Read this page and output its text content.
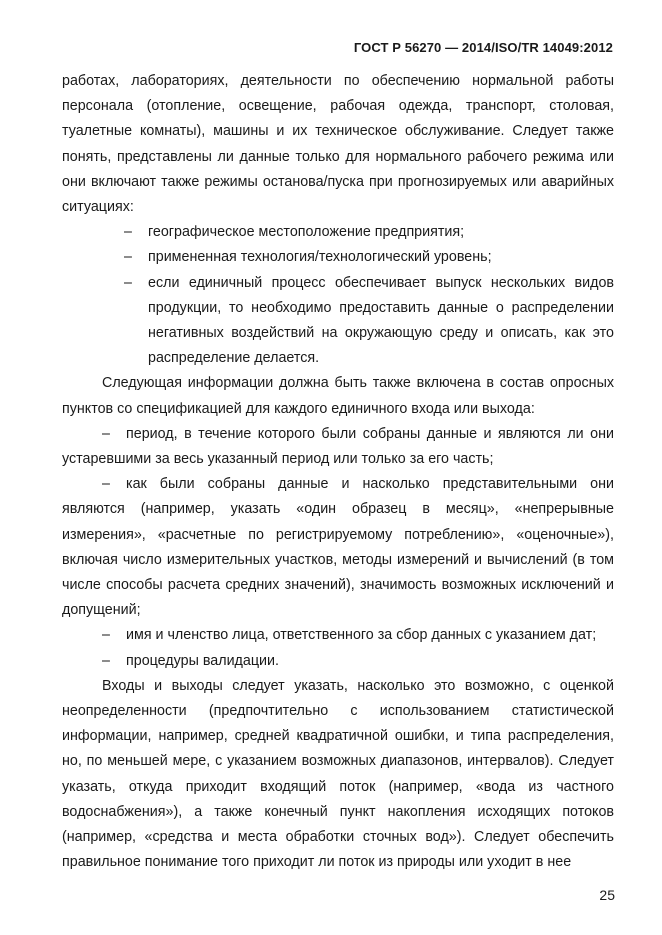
ГОСТ Р 56270 — 2014/ISO/TR 14049:2012

работах, лабораториях, деятельности по обеспечению нормальной работы персонала (отопление, освещение, рабочая одежда, транспорт, столовая, туалетные комнаты), машины и их техническое обслуживание. Следует также понять, представлены ли данные только для нормального рабочего режима или они включают также режимы останова/пуска при прогнозируемых или аварийных ситуациях:

– географическое местоположение предприятия;

– примененная технология/технологический уровень;

– если единичный процесс обеспечивает выпуск нескольких видов продукции, то необходимо предоставить данные о распределении негативных воздействий на окружающую среду и описать, как это распределение делается.

Следующая информации должна быть также включена в состав опросных пунктов со спецификацией для каждого единичного входа или выхода:

– период, в течение которого были собраны данные и являются ли они устаревшими за весь указанный период или только за его часть;

– как были собраны данные и насколько представительными они являются (например, указать «один образец в месяц», «непрерывные измерения», «расчетные по регистрируемому потреблению», «оценочные»), включая число измерительных участков, методы измерений и вычислений (в том числе способы расчета средних значений), значимость возможных исключений и допущений;

– имя и членство лица, ответственного за сбор данных с указанием дат;

– процедуры валидации.

Входы и выходы следует указать, насколько это возможно, с оценкой неопределенности (предпочтительно с использованием статистической информации, например, средней квадратичной ошибки, и типа распределения, но, по меньшей мере, с указанием возможных диапазонов, интервалов). Следует указать, откуда приходит входящий поток (например, «вода из частного водоснабжения»), а также конечный пункт накопления исходящих потоков (например, «средства и места обработки сточных вод»). Следует обеспечить правильное понимание того приходит ли поток из природы или уходит в нее

25
